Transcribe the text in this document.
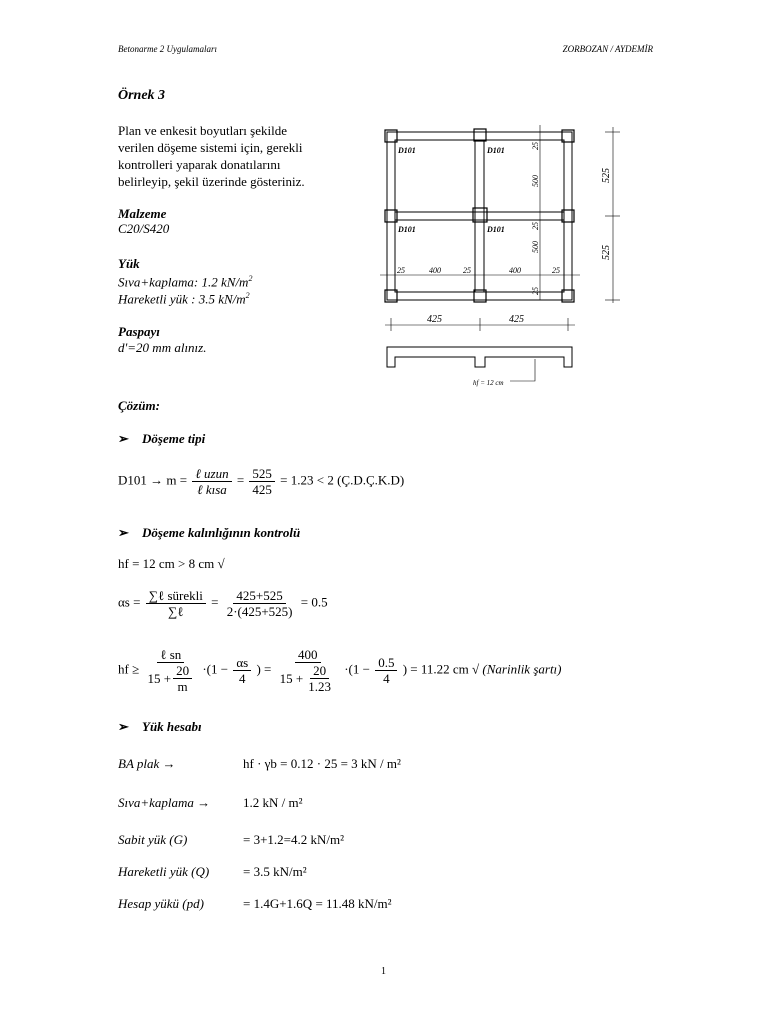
Betonarme 2 Uygulamaları	ZORBOZAN / AYDEMİR
Örnek 3
Plan ve enkesit boyutları şekilde
verilen döşeme sistemi için, gerekli
kontrolleri yaparak donatılarını
belirleyip, şekil üzerinde gösteriniz.
Malzeme
C20/S420
Yük
Sıva+kaplama: 1.2 $kN/m^2$
Hareketli yük : 3.5 $kN/m^2$
Paspayı
d'=20 mm alınız.
D101	D101
D101	D101
25	400	25	400	25
25
500
25
500
25
525
525
425	425
hf = 12 cm
Çözüm:
➢ Döşeme tipi
$D101 \to m = \frac{\text{ℓ uzun}}{\text{ℓ kısa}} = \frac{525}{425} = 1.23 < 2$ (Ç.D.Ç.K.D)
➢ Döşeme kalınlığının kontrolü
hf = 12 cm > 8 cm √
$\alpha s = \frac{\text{∑ℓ sürekli}}{\text{∑ℓ}} = \frac{425+525}{2\cdot(425+525)} = 0.5$
hf ≥ $\frac{\text{ℓ sn}}{15 + \frac{20}{m}} \cdot(1 - \frac{\alpha s}{4}$ ) = $\frac{400}{15 + \frac{20}{1.23}} \cdot(1 - \frac{0.5}{4}$ ) = 11.22 cm √ (Narinlik şartı)
➢ Yük hesabı
BA plak →	hf · γb = 0.12 · 25 = 3 kN / m²
Sıva+kaplama →	1.2 kN / m²
Sabit yük (G)	= 3+1.2=4.2 kN/m²
Hareketli yük (Q)	= 3.5 kN/m²
Hesap yükü (pd)	= 1.4G+1.6Q = 11.48 kN/m²
1
